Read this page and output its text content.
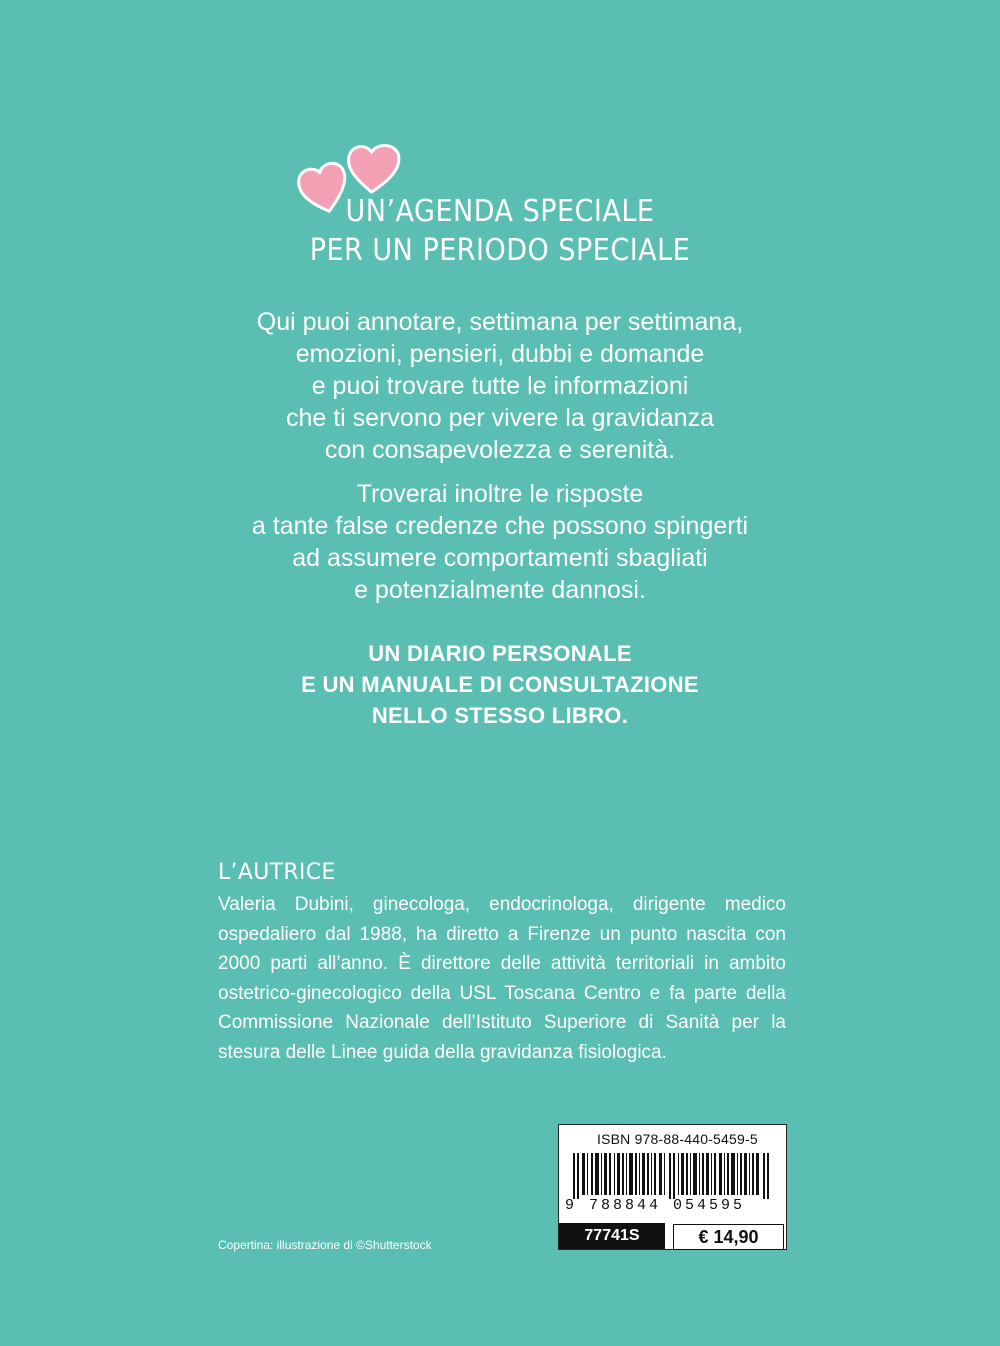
UN’AGENDA SPECIALE
PER UN PERIODO SPECIALE
Qui puoi annotare, settimana per settimana,
emozioni, pensieri, dubbi e domande
e puoi trovare tutte le informazioni
che ti servono per vivere la gravidanza
con consapevolezza e serenità.
Troverai inoltre le risposte
a tante false credenze che possono spingerti
ad assumere comportamenti sbagliati
e potenzialmente dannosi.
UN DIARIO PERSONALE
E UN MANUALE DI CONSULTAZIONE
NELLO STESSO LIBRO.
L’AUTRICE
Valeria Dubini, ginecologa, endocrinologa, dirigente medico ospedaliero dal 1988, ha diretto a Firenze un punto nascita con 2000 parti all’anno. È direttore delle attività territoriali in ambito ostetrico-ginecologico della USL Toscana Centro e fa parte della Commissione Nazionale dell’Istituto Superiore di Sanità per la stesura delle Linee guida della gravidanza fisiologica.
Copertina: illustrazione di ©Shutterstock
ISBN 978-88-440-5459-5
9 788844 054595
77741S	€ 14,90
